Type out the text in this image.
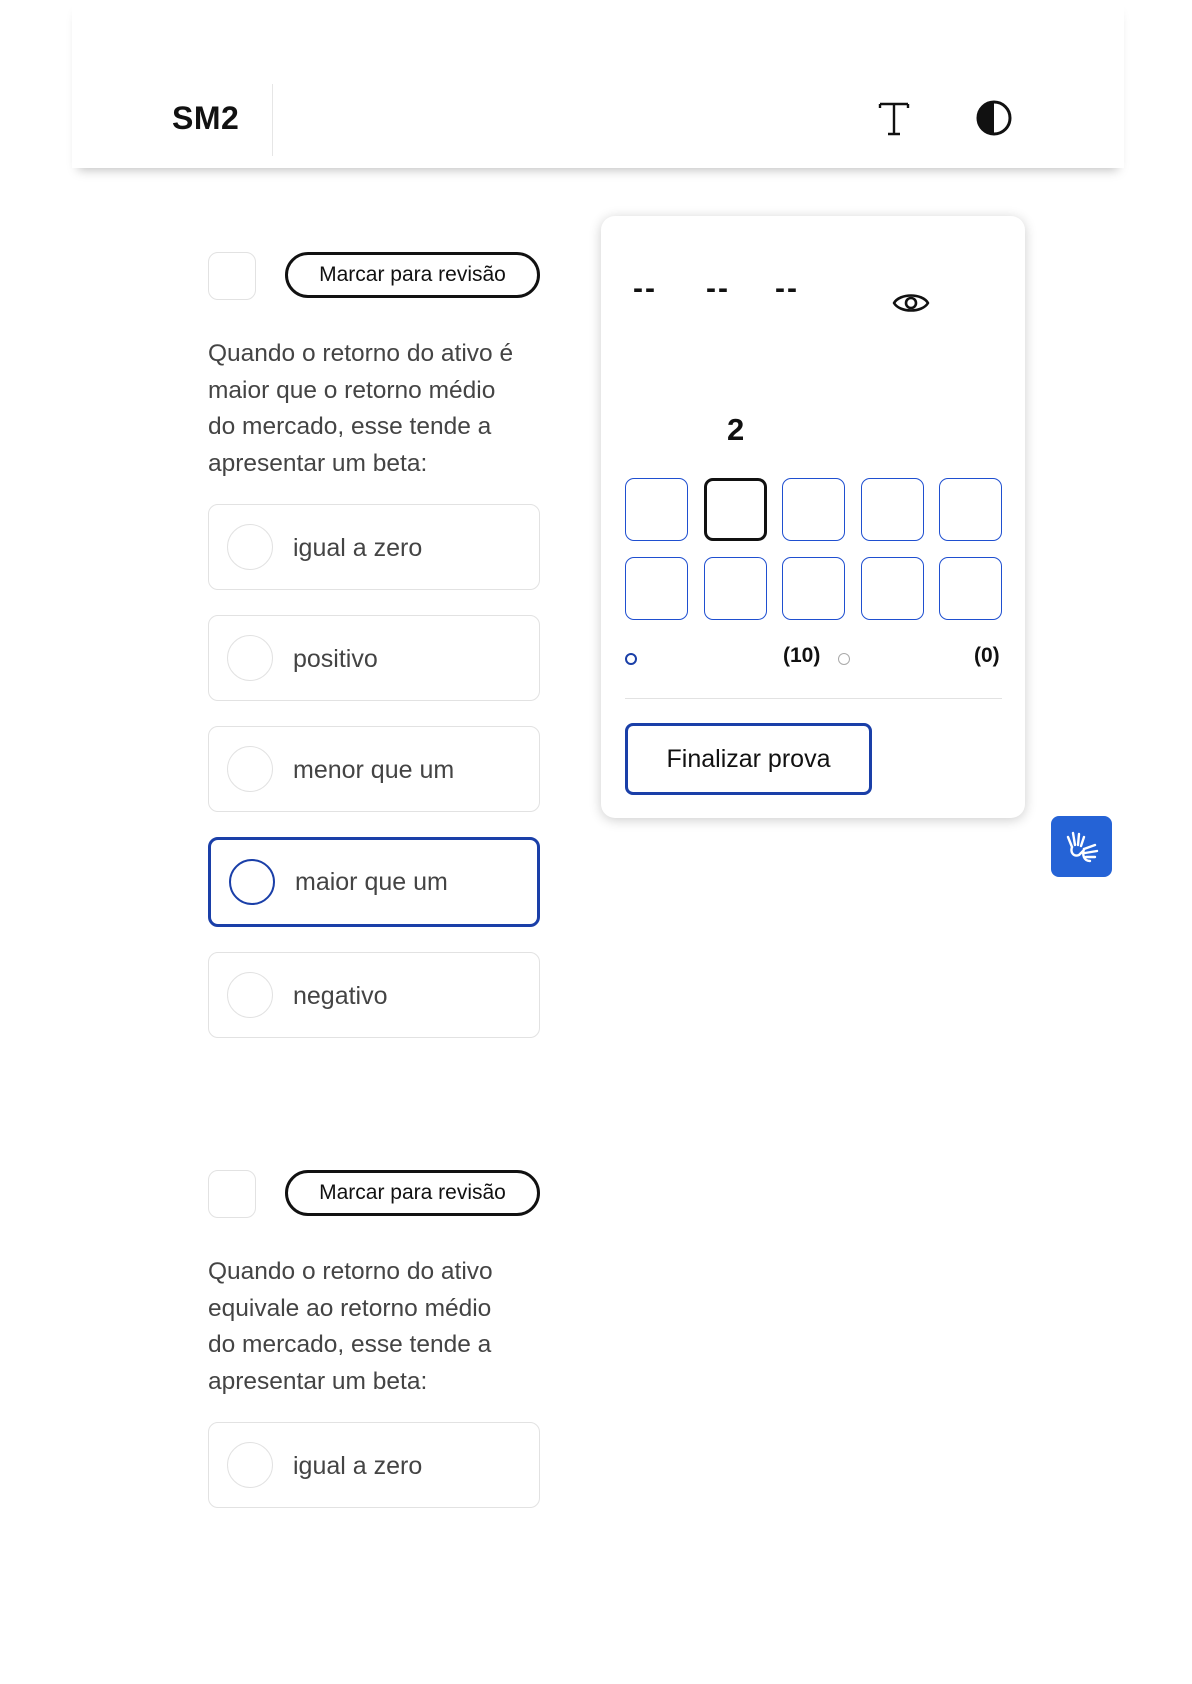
SM2
Marcar para revisão
Quando o retorno do ativo é
maior que o retorno médio
do mercado, esse tende a
apresentar um beta:
igual a zero
positivo
menor que um
maior que um
negativo
Marcar para revisão
Quando o retorno do ativo
equivale ao retorno médio
do mercado, esse tende a
apresentar um beta:
igual a zero
-- -- --
2
(10)	(0)
Finalizar prova
